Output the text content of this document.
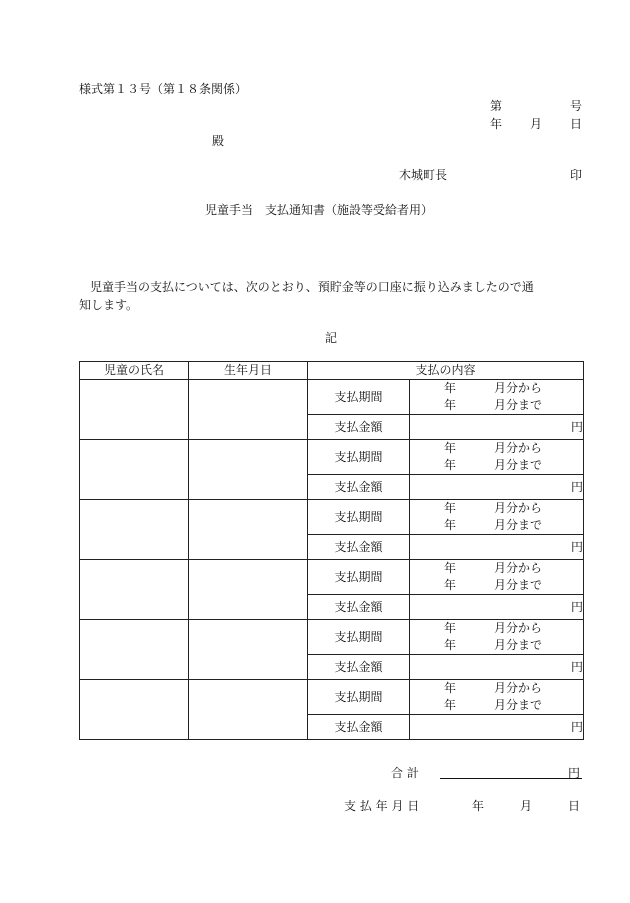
様式第１３号（第１８条関係）
第	号
年 月 日
殿
木城町長	印
児童手当　支払通知書（施設等受給者用）
児童手当の支払については、次のとおり、預貯金等の口座に振り込みましたので通
知します。
記
児童の氏名	生年月日	支払の内容	
		支払期間	年 月分から
年 月分まで

		支払金額	円
		支払期間	年 月分から
年 月分まで

		支払金額	円
		支払期間	年 月分から
年 月分まで

		支払金額	円
		支払期間	年 月分から
年 月分まで

		支払金額	円
		支払期間	年 月分から
年 月分まで

		支払金額	円
		支払期間	年 月分から
年 月分まで

		支払金額	円
合 計	円
支 払 年 月 日	年	月	日
